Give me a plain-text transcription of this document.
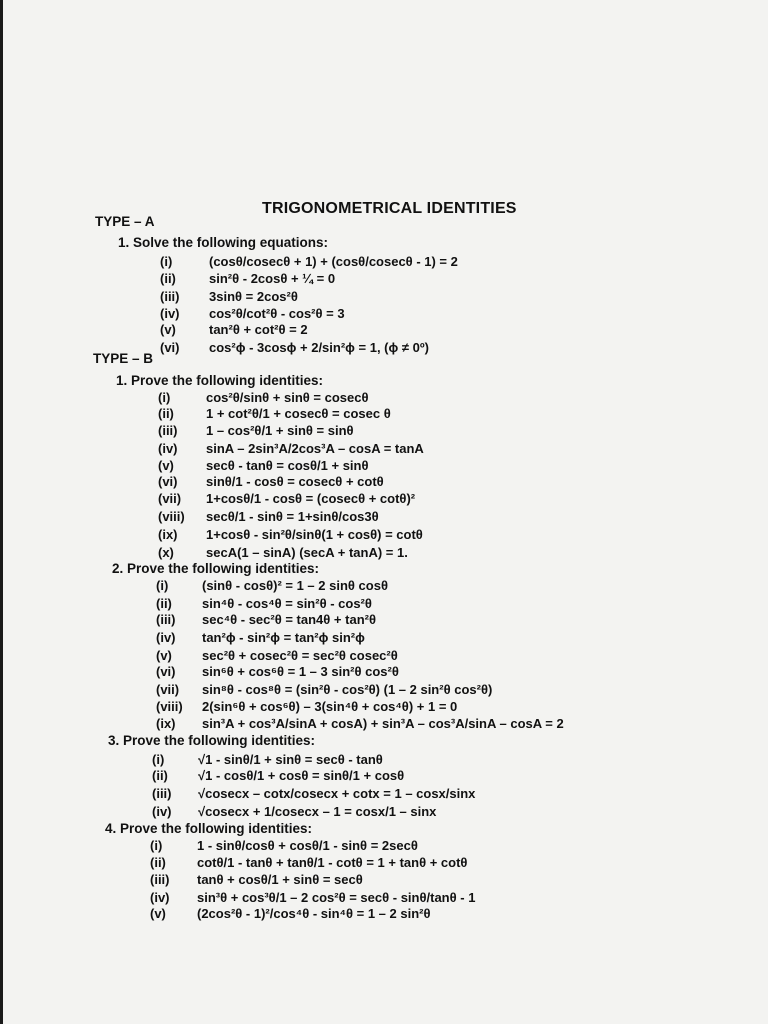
TRIGONOMETRICAL IDENTITIES
TYPE – A
1. Solve the following equations:
(i)	(cosθ/cosecθ + 1) + (cosθ/cosecθ - 1) = 2
(ii)	sin²θ - 2cosθ + ¼ = 0
(iii) 3sinθ = 2cos²θ
(iv) cos²θ/cot²θ - cos²θ = 3
(v)	tan²θ + cot²θ = 2
(vi) cos²ϕ - 3cosϕ + 2/sin²ϕ = 1, (ϕ ≠ 0º)
TYPE – B
1. Prove the following identities:
(i)	cos²θ/sinθ + sinθ = cosecθ
(ii) 1 + cot²θ/1 + cosecθ = cosec θ
(iii) 1 – cos²θ/1 + sinθ = sinθ
(iv) sinA – 2sin³A/2cos³A – cosA = tanA
(v) secθ - tanθ = cosθ/1 + sinθ
(vi) sinθ/1 - cosθ = cosecθ + cotθ
(vii) 1+cosθ/1 - cosθ = (cosecθ + cotθ)²
(viii) secθ/1 - sinθ = 1+sinθ/cos3θ
(ix) 1+cosθ - sin²θ/sinθ(1 + cosθ) = cotθ
(x) secA(1 – sinA) (secA + tanA) = 1.
2. Prove the following identities:
(i)	(sinθ - cosθ)² = 1 – 2 sinθ cosθ
(ii) sin⁴θ - cos⁴θ = sin²θ - cos²θ
(iii) sec⁴θ - sec²θ = tan4θ + tan²θ
(iv) tan²ϕ - sin²ϕ = tan²ϕ sin²ϕ
(v) sec²θ + cosec²θ = sec²θ cosec²θ
(vi) sin⁶θ + cos⁶θ = 1 – 3 sin²θ cos²θ
(vii) sin⁸θ - cos⁸θ = (sin²θ - cos²θ) (1 – 2 sin²θ cos²θ)
(viii) 2(sin⁶θ + cos⁶θ) – 3(sin⁴θ + cos⁴θ) + 1 = 0
(ix) sin³A + cos³A/sinA + cosA) + sin³A – cos³A/sinA – cosA = 2
3. Prove the following identities:
(i)	√1 - sinθ/1 + sinθ = secθ - tanθ
(ii) √1 - cosθ/1 + cosθ = sinθ/1 + cosθ
(iii) √cosecx – cotx/cosecx + cotx = 1 – cosx/sinx
(iv) √cosecx + 1/cosecx – 1 = cosx/1 – sinx
4. Prove the following identities:
(i)	1 - sinθ/cosθ + cosθ/1 - sinθ = 2secθ
(ii) cotθ/1 - tanθ + tanθ/1 - cotθ = 1 + tanθ + cotθ
(iii) tanθ + cosθ/1 + sinθ = secθ
(iv) sin³θ + cos³θ/1 – 2 cos²θ = secθ - sinθ/tanθ - 1
(v) (2cos²θ - 1)²/cos⁴θ - sin⁴θ = 1 – 2 sin²θ
